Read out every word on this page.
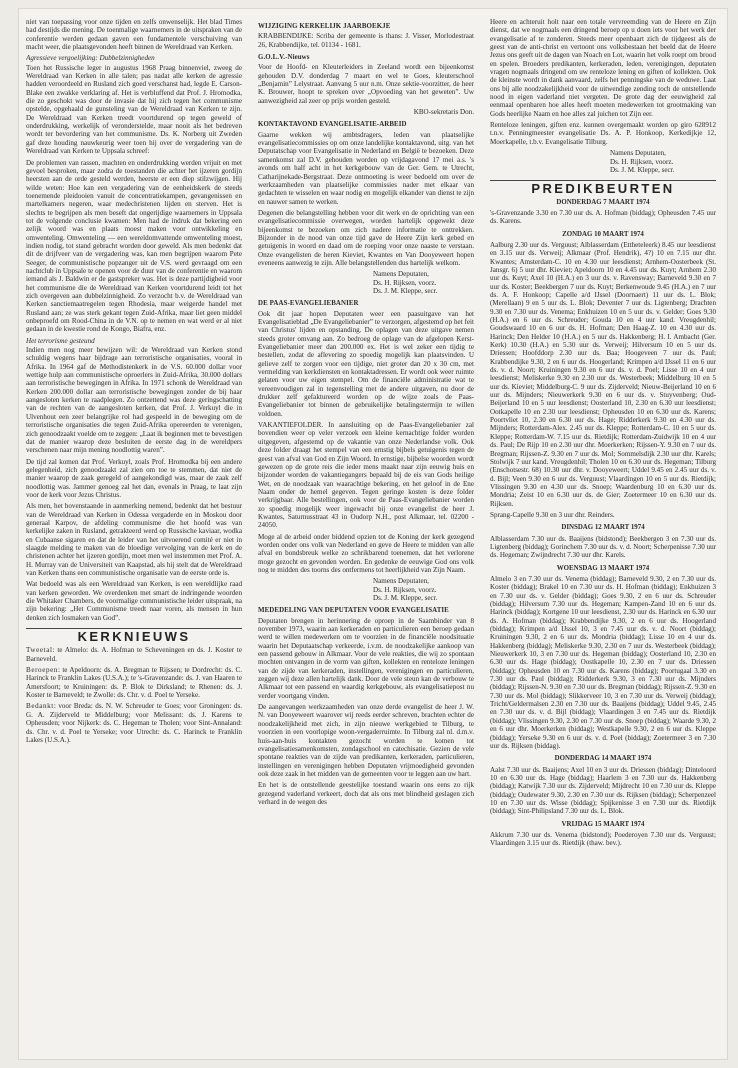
niet van toepassing voor onze tijden en zelfs onwenselijk. Het blad Times had destijds die mening. De toenmalige waarnemers in de uitspraken van de conferentie werden gedaan gaven een fundamentele verschuiving van macht weer, die plaatsgevonden heeft binnen de Wereldraad van Kerken.

Agressieve vergoelijking: Dubbelzinnigheden

Toen het Russische leger in augustus 1968 Praag binnenviel, zweeg de Wereldraad van Kerken in alle talen; pas nadat alle kerken de agressie hadden veroordeeld en Rusland zich goed verschanst had, legde E. Carson-Blake een zwakke verklaring af. Het is verbluffend dat Prof. J. Hromodka, die zo geschokt was door de invasie dat hij zich tegen het communisme opstelde, opgehaald de gunsteling van de Wereldraad van Kerken te zijn. De Wereldraad van Kerken treedt voortdurend op tegen geweld of onderdrukking, werkelijk of veronderstelde, maar nooit als het bedreven wordt ter bevordering van het communisme. Ds. K. Norberg uit Zweden gaf deze houding nauwkeurig weer toen hij over de vergadering van de Wereldraad van Kerken te Uppsala schreef:

De problemen van rassen, machten en onderdrukking werden vrijuit en met gevoel besproken, maar zodra de toestanden die achter het ijzeren gordijn heersten aan de orde gesteld werden, heerste er een diep stilzwijgen. Hij wilde weten: Hoe kan een vergadering van de eenheidskerk de steeds toenemende pleidooien vanuit de concentratiekampen, gevangenissen en martelkamers negeren, waar medechristenen lijden en sterven. Het is slechts te begrijpen als men beseft dat ongerijdige waarnemers in Uppsala tot de volgende conclusie kwamen: Men had de indruk dat bekering een zelijk woord was en plaats moest maken voor ontwikkeling en omwenteling. Omwenteling — een wereldomvattende omwenteling moest, indien nodig, tot stand gebracht worden door geweld. Als men bedenkt dat dit de drijfveer van de vergadering was, kan men begrijpen waarom Pete Seeger, de communistische popzanger uit de V.S. werd gevraagd om een nachtclub in Uppsale te openen voor de duur van de conferentie en waarom iemand als J. Baldwin er de gastspreker was. Het is deze partijdigheid voor het communisme die de Wereldraad van Kerken voortdurend leidt tot het zich overgeven aan dubbelzinnigheid. Zo verzocht b.v. de Wereldraad van Kerken sanctiemaatregelen tegen Rhodesia, maar weigerde handel met Rusland aan; ze was sterk gekant tegen Zuid-Afrika, maar liet geen middel onbeproefd om Rood-China in de V.N. op te nemen en wat werd er al niet gedaan in de kwestie rond de Kongo, Biafra, enz.

Het terrorisme gesteund

Indien men nog meer bewijzen wil: de Wereldraad van Kerken stond schuldig wegens haar bijdrage aan terroristische organisaties, vooral in Afrika. In 1964 gaf de Methodistenkerk in de V.S. 60.000 dollar voor wettige hulp aan communistische oproerlers in Zuid-Afrika, 30.000 dollars aan terroristische bewegingen in Afrika. In 1971 schonk de Wereldraad van Kerken 200.000 dollar aan terroristische bewegingen zonder de bij haar aangesloten kerken te raadplegen. Zo ontzettend was deze geringschatting van de rechten van de aangesloten kerken, dat Prof. J. Verkuyl die in Ulvenhout een zeer belangrijke rol had gespeeld in de beweging om de terroristische organisaties die tegen Zuid-Afrika opereerden te verenigen, zich genoodzaakt voelde om te zeggen: „Laat ik beginnen met te bevestigen dat de manier waarop deze besluiten de eerste dag in de wereldpers verschenen naar mijn mening noodlottig waren”.

De tijd zal komen dat Prof. Verkuyl, zoals Prof. Hromodka bij een andere gelegenheid, zich genoodzaakt zal zien om toe te stemmen, dat niet de manier waarop de zaak geregeld of aangekondigd was, maar de zaak zelf noodlottig was. Jammer genoeg zal het dan, evenals in Praag, te laat zijn voor de kerk voor Jezus Christus.

Als men, het bovenstaande in aanmerking nemend, bedenkt dat het bestuur van de Wereldraad van Kerken in Odessa vergaderde en in Moskou door generaal Karpov, de afdeling communisme die het hoofd was van kerkelijke zaken in Rusland, getrakteerd werd op Russische kaviaar, wodka en Cubaanse sigaren en dat de leider van het uitvoerend comité er niet in slaagde melding te maken van de bloedige vervolging van de kerk en de christenen achter het ijzeren gordijn, moet men wel instemmen met Prof. A. H. Murray van de Universiteit van Kaapstad, als hij stelt dat de Wereldraad van Kerken thans een communistische organisatie van de eerste orde is.

Wat bedoeld was als een Wereldraad van Kerken, is een wereldlijke raad van kerken geworden. We overdenken met smart de indringende woorden die Whitaker Chambers, de voormalige communistische leider uitspraak, na zijn bekering: „Het Communisme treedt naar voren, als mensen in hun denken zich losmaken van God”.

KERKNIEUWS

Tweetal: te Almelo: ds. A. Hofman te Scheveningen en ds. J. Koster te Barneveld.

Beroepen: te Apeldoorn: ds. A. Bregman te Rijssen; te Dordrecht: ds. C. Harinck te Franklin Lakes (U.S.A.); te 's-Gravenzande: ds. J. van Haaren te Amersfoort; te Kruiningen: ds. P. Blok te Dirksland; te Rhenen: ds. J. Koster te Barneveld; te Zwolle: ds. Chr. v. d. Poel te Yerseke.

Bedankt: voor Breda: ds. N. W. Schreuder te Goes; voor Groningen: ds. G. A. Zijderveld te Middelburg; voor Melissant: ds. J. Karens te Opheusden; voor Nijkerk: ds. C. Hegeman te Tholen; voor Sint-Annaland: ds. Chr. v. d. Poel te Yerseke; voor Utrecht: ds. C. Harinck te Franklin Lakes (U.S.A.).

WIJZIGING KERKELIJK JAARBOEKJE

KRABBENDIJKE: Scriba der gemeente is thans: J. Visser, Morlodestraat 26, Krabbendijke, tel. 01134 - 1681.

G.O.L.V.-Nieuws

Voor de Hoofd- en Kleuterleiders in Zeeland wordt een bijeenkomst gehouden D.V. donderdag 7 maart en wel te Goes, kleuterschool „Benjamin” Lelystraat. Aanvang 5 uur n.m. Onze sektie-voorzitter, de heer K. Brouwer, hoopt te spreken over „Opvoeding van het geweten”. Uw aanwezigheid zal zeer op prijs worden gesteld.

KBO-sekretaris Don.

KONTAKTAVOND EVANGELISATIE-ARBEID

Gaarne wekken wij ambtsdragers, leden van plaatselijke evangelisatiecommissies op om onze landelijke kontaktavond, uitg. van het Deputatschap voor Evangelisatie in Nederland en België te bezoeken. Deze samenkomst zal D.V. gehouden worden op vrijdagavond 17 mei a.s. 's avonds om half acht in het kerkgebouw van de Ger. Gem. te Utrecht, Catharijnekade-Bergstraat. Deze ontmoeting is weer bedoeld om over de werkzaamheden van plaatselijke commissies nader met elkaar van gedachten te wisselen en waar nodig en mogelijk elkander van dienst te zijn en nauwer samen te werken.

Degenen die belangstelling hebben voor dit werk en de oprichting van een evangelisatiecommissie overwegen, worden hartelijk opgewekt deze bijeenkomst te bezoeken om zich nadere informatie te onttrekken. Bijzonder in de nood van onze tijd gave de Heere Zijn kerk gebed en getuigenis in woord en daad om de roeping voor onze naaste te verstaan. Onze evangelisten de heren Kieviet, Kwantes en Van Dooyeweert hopen eveneens aanwezig te zijn. Alle belangstellenden dus hartelijk welkom.

Namens Deputaten,
Ds. H. Rijksen, voorz.
Ds. J. M. Kleppe, secr.
DE PAAS-EVANGELIEBANIER

Ook dit jaar hopen Deputaten weer een paasuitgave van het Evangelisatieblad „De Evangeliebanier” te verzorgen, afgestemd op het feit van Christus' lijden en opstanding. De oplagen van deze uitgave nemen steeds groter omvang aan. Zo bedroeg de oplage van de afgelopen Kerst-Evangeliebanier meer dan 200.000 ex. Het is wel zeker een tijdig te bestellen, zodat de aflevering zo spoedig mogelijk kan plaatsvinden. U gelieve zelf te zorgen voor een tijdige, niet groter dan 20 x 30 cm, met vermelding van kerkdiensten en kontaktadressen. Er wordt ook weer ruimte gelaten voor uw eigen stempel. Om de financiële administratie wat te vereenvoudigen zal in tegenstelling met de andere uitgaven, nu door de drukker zelf gefaktureerd worden op de wijze zoals de Paas-Evangeliebanier tot binnen de gebruikelijke betalingstermijn te willen voldoen.

VAKANTIEFOLDER. In aansluiting op de Paas-Evangeliebanier zal bovendien weer op veler verzoek een kleine kernachtige folder worden uitgegeven, afgestemd op de vakantie van onze Nederlandse volk. Ook deze folder draagt het stempel van een ernstig bijbels getuigenis tegen de geest van afval van God en Zijn Woord. In ernstige, bijbelse woorden wordt gewezen op de grote reis die ieder mens maakt naar zijn eeuwig huis en bijzonder worden de vakantiegangers bepaald bij de eis van Gods heilige Wet, en de noodzaak van waarachtige bekering, en het geloof in de Ene Naam onder de hemel gegeven. Tegen geringe kosten is deze folder verkrijgbaar. Alle bestellingen, ook voor de Paas-Evangeliebanier worden zo spoedig mogelijk weer ingewacht bij onze evangelist de heer J. Kwantes, Saturnusstraat 43 in Oudorp N.H., post Alkmaar, tel. 02200 - 24050.

Moge al de arbeid onder biddend opzien tot de Koning der kerk gezegend worden onder ons volk van Nederland en geve de Heere te midden van alle afval en bondsbreuk welke zo schrikbarend toenemen, dat het verlorene moge gezocht en gevonden worden. En gedenke de eeuwige God ons volk nog te midden des toorns des ontfermens tot heerlijkheid van Zijn Naam.

Namens Deputaten,
Ds. H. Rijksen, voorz.
Ds. J. M. Kleppe, secr.
MEDEDELING VAN DEPUTATEN VOOR EVANGELISATIE

Deputaten brengen in herinnering de oproep in de Saambinder van 8 november 1973, waarin aan kerkeraden en particulieren een beroep gedaan werd te willen medewerken om te voorzien in de financiële noodsituatie waarin het Deputaatschap verkeerde, i.v.m. de noodzakelijke aankoop van een passend gebouw in Alkmaar. Voor de vele reakties, die wij zo spontaan mochten ontvangen in de vorm van giften, kollekten en renteloze leningen van de zijde van kerkeraden, instellingen, verenigingen en particulieren, zeggen wij deze allen hartelijk dank. Door de vele steun kan de verbouw te Alkmaar tot een passend en waardig kerkgebouw, als evangelisatiepost nu verder voortgang vinden.

De aangevangen werkzaamheden van onze derde evangelist de heer J. W. N. van Dooyeweert waarover wij reeds eerder schreven, brachten echter de noodzakelijkheid met zich, in zijn nieuwe werkgebied te Tilburg, te voorzien in een voorlopige woon-vergaderruimte. In Tilburg zal nl. d.m.v. huis-aan-huis kontakten gezocht worden te komen tot evangelisatiesamenkomsten, zondagschool en catechisatie. Gezien de vele spontane reakties van de zijde van predikanten, kerkeraden, particulieren, instellingen en verenigingen hebben Deputaten vrijmoedigheid gevonden ook deze zaak in het midden van de gemeenten voor te leggen aan uw hart.

En het is de ontstellende geestelijke toestand waarin ons eens zo rijk gezegend vaderland verkeert, doch dat als ons met blindheid geslagen zich verhard in de wegen des

Heere en achteruit holt naar een totale vervreemding van de Heere en Zijn dienst, dat we nogmaals een dringend beroep op u doen iets voor het werk der evangelisatie af te zonderen. Steeds meer openbaart zich de tijdgeest als de geest van de anti-christ en vertoont ons volksbestaan het beeld dat de Heere Jezus ons geeft uit de dagen van Noach en Lot, waarin het volk roept om brood en spelen. Broeders predikanten, kerkeraden, leden, verenigingen, deputaten vragen nogmaals dringend om uw renteloze lening en giften of kollekten. Ook de kleinste wordt in dank aanvaard, zelfs het penningske van de weduwe. Laat ons bij alle noodzakelijkheid voor de uitwendige zending toch de ontstellende nood in eigen vaderland niet vergeten. De grote dag der eeuwigheid zal eenmaal openbaren hoe alles heeft moeten medewerken tot grootmaking van Gods heerlijke Naam en hoe alles zal juichen tot Zijn eer.

Renteloze leningen, giften enz. kunnen overgemaakt worden op giro 628912 t.n.v. Penningmeester evangelisatie Ds. A. P. Honkoop, Kerkedijkje 12, Moerkapelle, t.b.v. Evangelisatie Tilburg.

Namens Deputaten,
Ds. H. Rijksen, voorz.
Ds. J. M. Kleppe, secr.
PREDIKBEURTEN
DONDERDAG 7 MAART 1974

's-Gravenzande 3.30 en 7.30 uur ds. A. Hofman (biddag); Opheusden 7.45 uur ds. Karens.

ZONDAG 10 MAART 1974

Aalburg 2.30 uur ds. Verguust; Alblasserdam (Ettheteleerk) 8.45 uur leesdienst en 3.15 uur ds. Verweij; Alkmaar (Prof. Hendrik), 4?) 10 en 7.15 uur dhr. Kwantes; Amsterdam-C. 10 en 4.30 uur leesdienst; Arnhem-Oosterbeek (St. Jansgr. 6) 5 uur dhr. Kieviet; Apeldoorn 10 en 4.45 uur ds. Kuyt; Arnhem 2.30 uur ds. Kuyt; Axel 10 (H.A.) en 3 uur ds. v. Ravensway; Barneveld 9.30 en 7 uur ds. Koster; Beekbergen 7 uur ds. Kuyt; Berkenwoude 9.45 (H.A.) en 7 uur ds. A. F. Honkoop; Capelle a/d IJssel (Doornaert) 11 uur ds. L. Blok; (Merellaan) 9 en 5 uur ds. L. Blok; Deventer 7 uur ds. Ligtenberg; Drachten 9.30 en 7.30 uur ds. Venema; Enkhuizen 10 en 5 uur ds. v. Gelder; Goes 9.30 (H.A.) en 6 uur ds. Schreuder; Gouda 10 en 4 uur kand. Vreugdenhil; Goudswaard 10 en 6 uur ds. H. Hofman; Den Haag-Z. 10 en 4.30 uur ds. Harinck; Den Helder 10 (H.A.) en 5 uur ds. Hakkenberg; H. I. Ambacht (Ger. Kerk) 10.30 (H.A.) en 5.30 uur ds. Verweij; Hilversum 10 en 5 uur ds. Driessen; Hoofddorp 2.30 uur ds. Baa; Hoogeveen 7 uur ds. Paul; Krabbendijke 9.30, 2 en 6 uur ds. Hoogerland; Krimpen a/d IJssel 11 en 6 uur ds. v. d. Noort; Kruiningen 9.30 en 6 uur ds. v. d. Poel; Lisse 10 en 4 uur leesdienst; Meliskerke 9.30 en 2.30 uur ds. Westerbeek; Middelburg 10 en 5 uur ds. Kieviet; Middelburg-C. 9 uur ds. Zijderveld; Nieuw-Beijerland 10 en 6 uur ds. Mijnders; Nieuwerkerk 9.30 en 6 uur ds. v. Stuyvenberg; Oud-Beijerland 10 en 5 uur leesdienst; Oosterland 10, 2.30 en 6.30 uur leesdienst; Ootkapelle 10 en 2.30 uur leesdienst; Opheusden 10 en 6.30 uur ds. Karens; Poortvliet 10, 2.30 en 6.30 uur ds. Hage; Ridderkerk 9.30 en 4.30 uur ds. Mijnders; Rotterdam-Alex. 2.45 uur ds. Kleppe; Rotterdam-C. 10 en 5 uur ds. Kleppe; Rotterdam-W. 7.15 uur ds. Rietdijk; Rotterdam-Zuidwijk 10 en 4 uur ds. Paul; De Rijp 10 en 2.30 uur dhr. Moerkerken; Rijssen-Y. 9.30 en 7 uur ds. Bregman; Rijssen-Z. 9.30 en 7 uur ds. Mol; Sommelsdijk 2.30 uur dhr. Karels; Stolwijk 7 uur kand. Vreugdenhil; Tholen 10 en 6.30 uur ds. Hegeman; Tilburg (Enschotsestr. 68) 10.30 uur dhr. v. Dooyeweert; Uddel 9.45 en 2.45 uur ds. v. d. Bijl; Veen 9.30 en 6 uur ds. Verguust; Vlaardingen 10 en 5 uur ds. Rietdijk; Vlissingen 9.30 en 4.30 uur ds. Snoep; Waardenburg 10 en 6.30 uur ds. Mondria; Zeist 10 en 6.30 uur ds. de Gier; Zoetermeer 10 en 6.30 uur ds. Rijksen.

Sprang-Capelle 9.30 en 3 uur dhr. Reinders.

DINSDAG 12 MAART 1974

Alblasserdam 7.30 uur ds. Baaijens (bidstond); Beekbergen 3 en 7.30 uur ds. Ligtenberg (biddag); Gorinchem 7.30 uur ds. v. d. Noort; Scherpenisse 7.30 uur ds. Hegeman; Zwijndrecht 7.30 uur dhr. Karels.

WOENSDAG 13 MAART 1974

Almelo 3 en 7.30 uur ds. Venema (biddag); Barneveld 9.30, 2 en 7.30 uur ds. Koster (biddag); Brakel 10 en 7.30 uur ds. H. Hofman (biddag); Enkhuizen 3 en 7.30 uur ds. v. Gelder (biddag); Goes 9.30, 2 en 6 uur ds. Schreuder (biddag); Hilversum 7.30 uur ds. Hegeman; Kampen-Zand 10 en 6 uur ds. Harinck (biddag); Kortgene 10 uur leesdienst, 2.30 uur ds. Harinck en 6.30 uur ds. A. Hofman (biddag); Krabbendijke 9.30, 2 en 6 uur ds. Hoogerland (biddag); Krimpen a/d IJssel 10, 3 en 7.45 uur ds. v. d. Noort (biddag); Kruiningen 9.30, 2 en 6 uur ds. Mondria (biddag); Lisse 10 en 4 uur ds. Hakkenberg (biddag); Meliskerke 9.30, 2.30 en 7 uur ds. Westerbeek (biddag); Nieuwerkerk 10, 3 en 7.30 uur ds. Hegeman (biddag); Oosterland 10, 2.30 en 6.30 uur ds. Hage (biddag); Oostkapelle 10, 2.30 en 7 uur ds. Driessen (biddag); Opheusden 10 en 7.30 uur ds. Karens (biddag); Poortugaal 3.30 en 7.30 uur ds. Paul (biddag); Ridderkerk 9.30, 3 en 7.30 uur ds. Mijnders (biddag); Rijssen-N. 9.30 en 7.30 uur ds. Bregman (biddag); Rijssen-Z. 9.30 en 7.30 uur ds. Mol (biddag); Slikkerveer 10, 3 en 7.30 uur ds. Verweij (biddag); Tricht/Geldermalsen 2.30 en 7.30 uur ds. Baaijens (biddag); Uddel 9.45, 2.45 en 7.30 uur ds. v. d. Bijl (biddag); Vlaardingen 3 en 7.45 uur ds. Rietdijk (biddag); Vlissingen 9.30, 2.30 en 7.30 uur ds. Snoep (biddag); Waarde 9.30, 2 en 6 uur dhr. Moerkerken (biddag); Westkapelle 9.30, 2 en 6 uur ds. Kleppe (biddag); Yerseke 9.30 en 6 uur ds. v. d. Poel (biddag); Zoetermeer 3 en 7.30 uur ds. Rijksen (biddag).

DONDERDAG 14 MAART 1974

Aalst 7.30 uur ds. Baaijens; Axel 10 en 3 uur ds. Driessen (biddag); Dinteloord 10 en 6.30 uur ds. Hage (biddag); Haarlem 3 en 7.30 uur ds. Hakkenberg (biddag); Katwijk 7.30 uur ds. Zijderveld; Mijdrecht 10 en 7.30 uur ds. Kleppe (biddag); Oudewater 9.30, 2.30 en 7.30 uur ds. Rijksen (biddag); Scherpenzeel 10 en 7.30 uur ds. Wisse (biddag); Spijkenisse 3 en 7.30 uur ds. Rietdijk (biddag); Sint-Philipsland 7.30 uur ds. L. Blok.

VRIJDAG 15 MAART 1974

Akkrum 7.30 uur ds. Venema (bidstond); Poederoyen 7.30 uur ds. Verguust; Vlaardingen 3.15 uur ds. Rietdijk (thaw. bev.).
